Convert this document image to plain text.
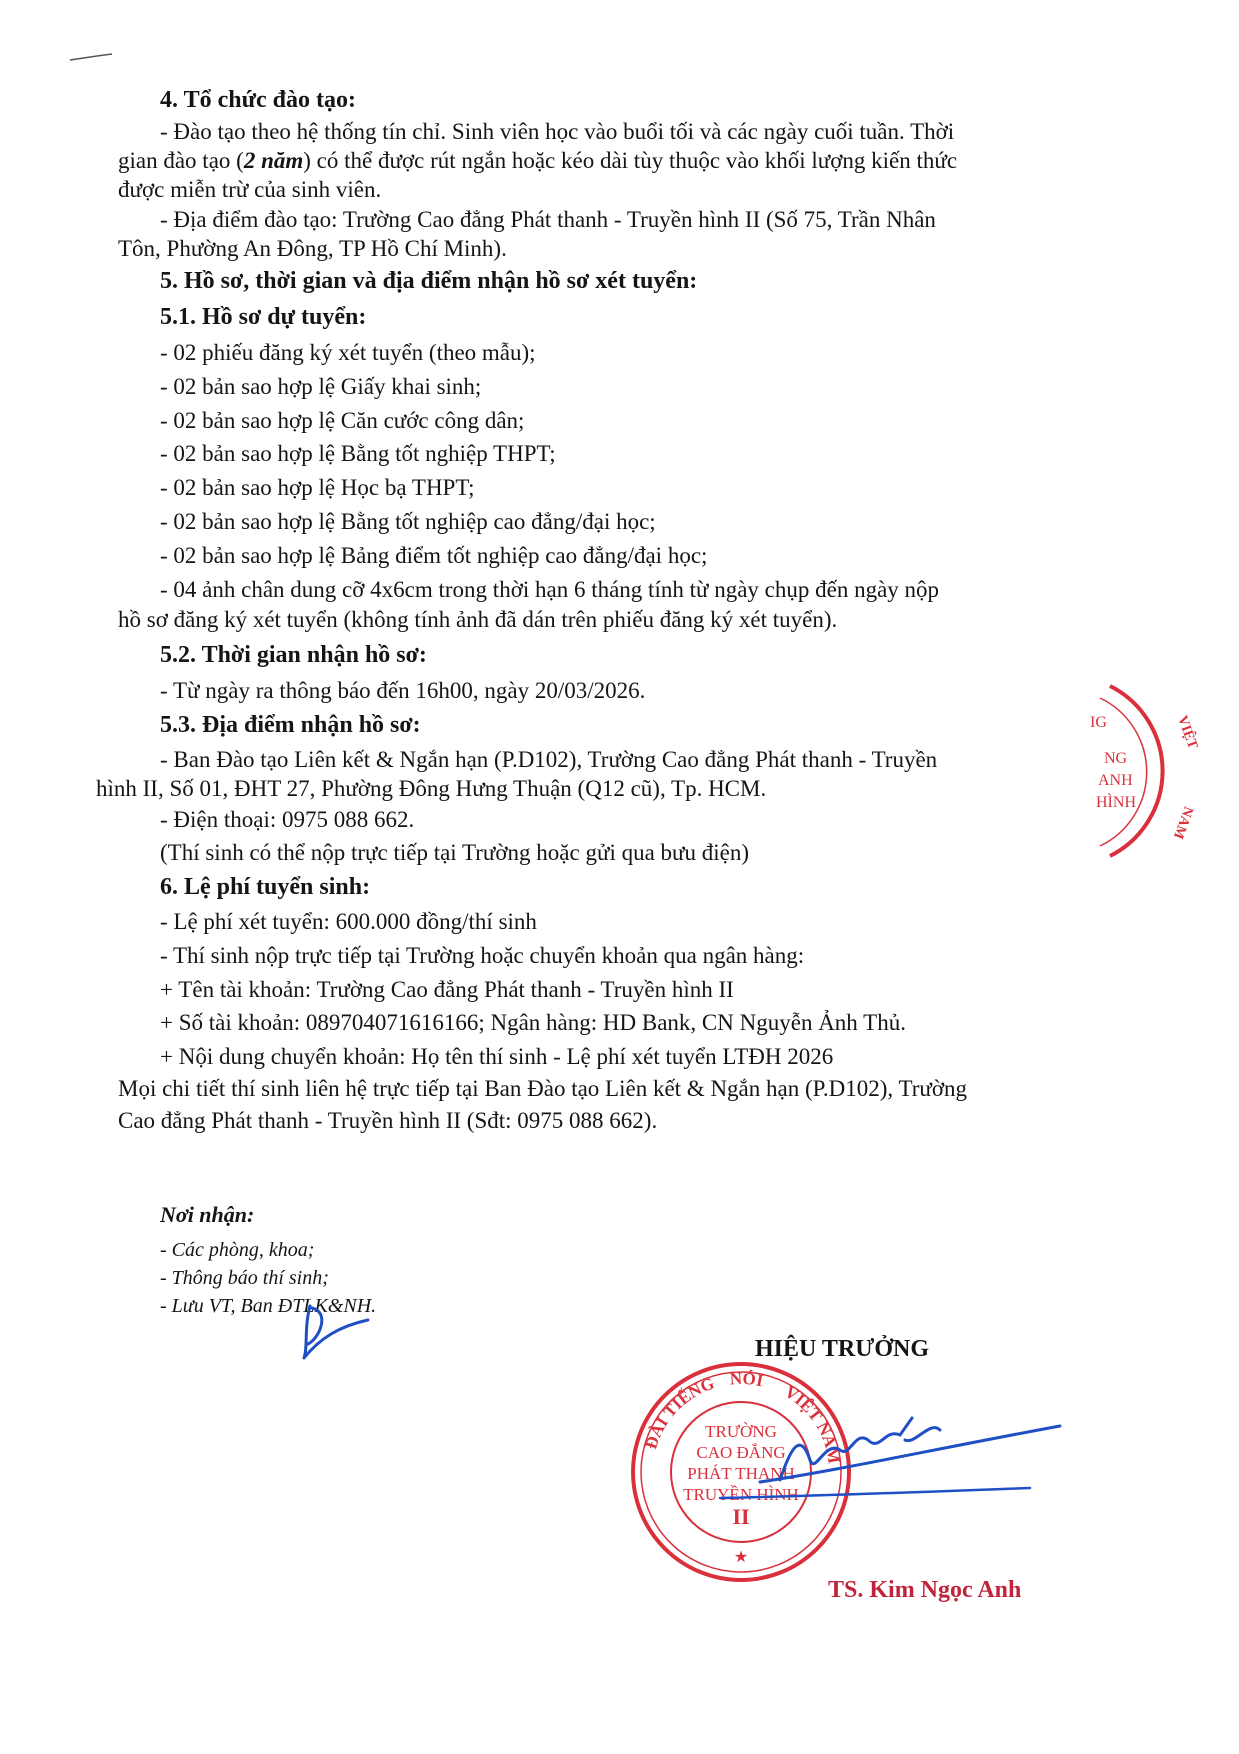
4. Tổ chức đào tạo:
- Đào tạo theo hệ thống tín chỉ. Sinh viên học vào buổi tối và các ngày cuối tuần. Thời
gian đào tạo (2 năm) có thể được rút ngắn hoặc kéo dài tùy thuộc vào khối lượng kiến thức
được miễn trừ của sinh viên.
- Địa điểm đào tạo: Trường Cao đẳng Phát thanh - Truyền hình II (Số 75, Trần Nhân
Tôn, Phường An Đông, TP Hồ Chí Minh).
5. Hồ sơ, thời gian và địa điểm nhận hồ sơ xét tuyển:
5.1. Hồ sơ dự tuyển:
- 02 phiếu đăng ký xét tuyển (theo mẫu);
- 02 bản sao hợp lệ Giấy khai sinh;
- 02 bản sao hợp lệ Căn cước công dân;
- 02 bản sao hợp lệ Bằng tốt nghiệp THPT;
- 02 bản sao hợp lệ Học bạ THPT;
- 02 bản sao hợp lệ Bằng tốt nghiệp cao đẳng/đại học;
- 02 bản sao hợp lệ Bảng điểm tốt nghiệp cao đẳng/đại học;
- 04 ảnh chân dung cỡ 4x6cm trong thời hạn 6 tháng tính từ ngày chụp đến ngày nộp
hồ sơ đăng ký xét tuyển (không tính ảnh đã dán trên phiếu đăng ký xét tuyển).
5.2. Thời gian nhận hồ sơ:
- Từ ngày ra thông báo đến 16h00, ngày 20/03/2026.
5.3. Địa điểm nhận hồ sơ:
- Ban Đào tạo Liên kết & Ngắn hạn (P.D102), Trường Cao đẳng Phát thanh - Truyền
hình II, Số 01, ĐHT 27, Phường Đông Hưng Thuận (Q12 cũ), Tp. HCM.
- Điện thoại: 0975 088 662.
(Thí sinh có thể nộp trực tiếp tại Trường hoặc gửi qua bưu điện)
6. Lệ phí tuyển sinh:
- Lệ phí xét tuyển: 600.000 đồng/thí sinh
- Thí sinh nộp trực tiếp tại Trường hoặc chuyển khoản qua ngân hàng:
+ Tên tài khoản: Trường Cao đẳng Phát thanh - Truyền hình II
+ Số tài khoản: 089704071616166; Ngân hàng: HD Bank, CN Nguyễn Ảnh Thủ.
+ Nội dung chuyển khoản: Họ tên thí sinh - Lệ phí xét tuyển LTĐH 2026
Mọi chi tiết thí sinh liên hệ trực tiếp tại Ban Đào tạo Liên kết & Ngắn hạn (P.D102), Trường
Cao đẳng Phát thanh - Truyền hình II (Sđt: 0975 088 662).
Nơi nhận:
- Các phòng, khoa;
- Thông báo thí sinh;
- Lưu VT, Ban ĐTLK&NH.
HIỆU TRƯỞNG
TS. Kim Ngọc Anh
ĐÀI TIẾNG NÓI
VIỆT NAM
TRƯỜNG
CAO ĐẲNG
PHÁT THANH
TRUYỀN HÌNH
II
★
IG
NG
ANH
HÌNH
VIỆT
NAM
